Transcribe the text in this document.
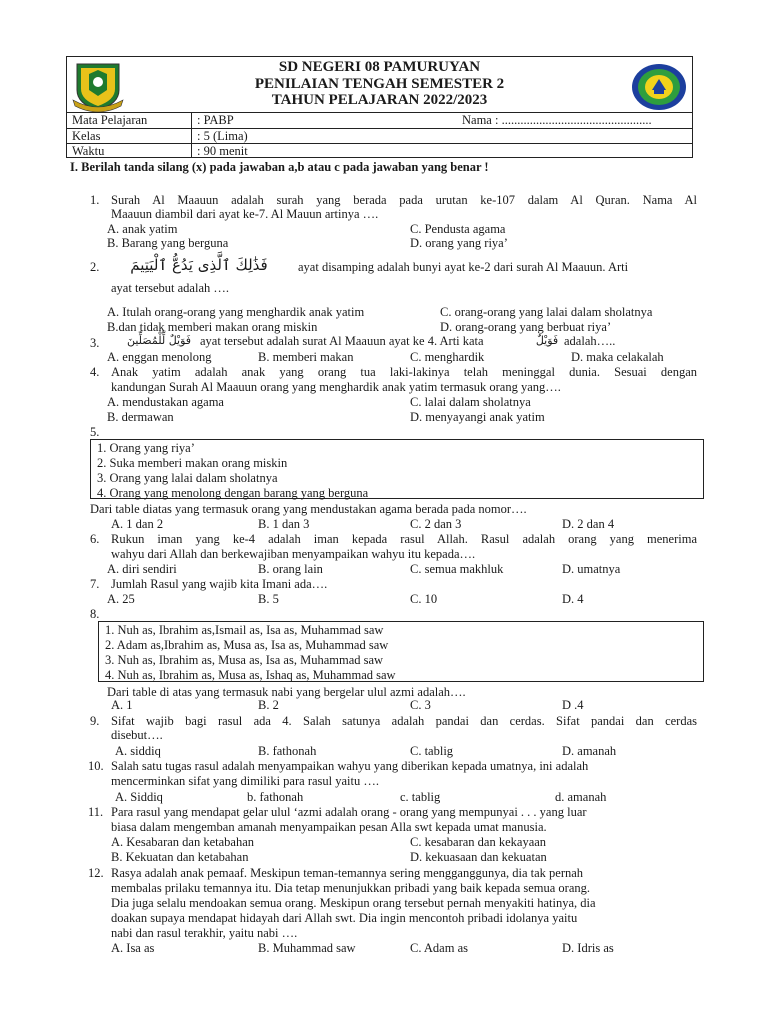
SD NEGERI 08 PAMURUYAN
PENILAIAN TENGAH SEMESTER 2
TAHUN PELAJARAN 2022/2023
Mata Pelajaran	: PABP	Nama : ................................................
Kelas	: 5 (Lima)
Waktu	: 90 menit
I. Berilah tanda silang (x) pada jawaban a,b atau c pada jawaban yang benar !
1. Surah Al Maauun adalah surah yang berada pada urutan ke-107 dalam Al Quran. Nama Al
Maauun diambil dari ayat ke-7. Al Mauun artinya ….
A. anak yatim	C. Pendusta agama
B. Barang yang berguna	D. orang yang riya’
2.	فَذَٰلِكَ ٱلَّذِى يَدُعُّ ٱلْيَتِيمَ	ayat disamping adalah bunyi ayat ke-2 dari surah Al Maauun. Arti
ayat tersebut adalah ….
A. Itulah orang-orang yang menghardik anak yatim	C. orang-orang yang lalai dalam sholatnya
B.dan tidak memberi makan orang miskin	D. orang-orang yang berbuat riya’
3.	فَوَيْلٌ لِّلْمُصَلِّينَ ayat tersebut adalah surat Al Maauun ayat ke 4. Arti kata	فَوَيْلٌ adalah…..
A. enggan menolong	B. memberi makan	C. menghardik	D. maka celakalah
4. Anak yatim adalah anak yang orang tua laki-lakinya telah meninggal dunia. Sesuai dengan
kandungan Surah Al Maauun orang yang menghardik anak yatim termasuk orang yang….
A. mendustakan agama	C. lalai dalam sholatnya
B. dermawan	D. menyayangi anak yatim
5.
1. Orang yang riya’
2. Suka memberi makan orang miskin
3. Orang yang lalai dalam sholatnya
4. Orang yang menolong dengan barang yang berguna
Dari table diatas yang termasuk orang yang mendustakan agama berada pada nomor….
A. 1 dan 2	B. 1 dan 3	C. 2 dan 3	D. 2 dan 4
6. Rukun iman yang ke-4 adalah iman kepada rasul Allah. Rasul adalah orang yang menerima
wahyu dari Allah dan berkewajiban menyampaikan wahyu itu kepada….
A. diri sendiri	B. orang lain	C. semua makhluk	D. umatnya
7. Jumlah Rasul yang wajib kita Imani ada….
A. 25	B. 5	C. 10	D. 4
8.
1. Nuh as, Ibrahim as,Ismail as, Isa as, Muhammad saw
2. Adam as,Ibrahim as, Musa as, Isa as, Muhammad saw
3. Nuh as, Ibrahim as, Musa as, Isa as, Muhammad saw
4. Nuh as, Ibrahim as, Musa as, Ishaq as, Muhammad saw
Dari table di atas yang termasuk nabi yang bergelar ulul azmi adalah….
A. 1	B. 2	C. 3	D .4
9. Sifat wajib bagi rasul ada 4. Salah satunya adalah pandai dan cerdas. Sifat pandai dan cerdas
disebut….
A. siddiq	B. fathonah	C. tablig	D. amanah
10. Salah satu tugas rasul adalah menyampaikan wahyu yang diberikan kepada umatnya, ini adalah
mencerminkan sifat yang dimiliki para rasul yaitu ….
A. Siddiq	b. fathonah	c. tablig	d. amanah
11. Para rasul yang mendapat gelar ulul ‘azmi adalah orang - orang yang mempunyai . . . yang luar
biasa dalam mengemban amanah menyampaikan pesan Alla swt kepada umat manusia.
A. Kesabaran dan ketabahan	C. kesabaran dan kekayaan
B. Kekuatan dan ketabahan	D. kekuasaan dan kekuatan
12. Rasya adalah anak pemaaf. Meskipun teman-temannya sering mengganggunya, dia tak pernah
membalas prilaku temannya itu. Dia tetap menunjukkan pribadi yang baik kepada semua orang.
Dia juga selalu mendoakan semua orang. Meskipun orang tersebut pernah menyakiti hatinya, dia
doakan supaya mendapat hidayah dari Allah swt. Dia ingin mencontoh pribadi idolanya yaitu
nabi dan rasul terakhir, yaitu nabi ….
A. Isa as	B. Muhammad saw	C. Adam as	D. Idris as
